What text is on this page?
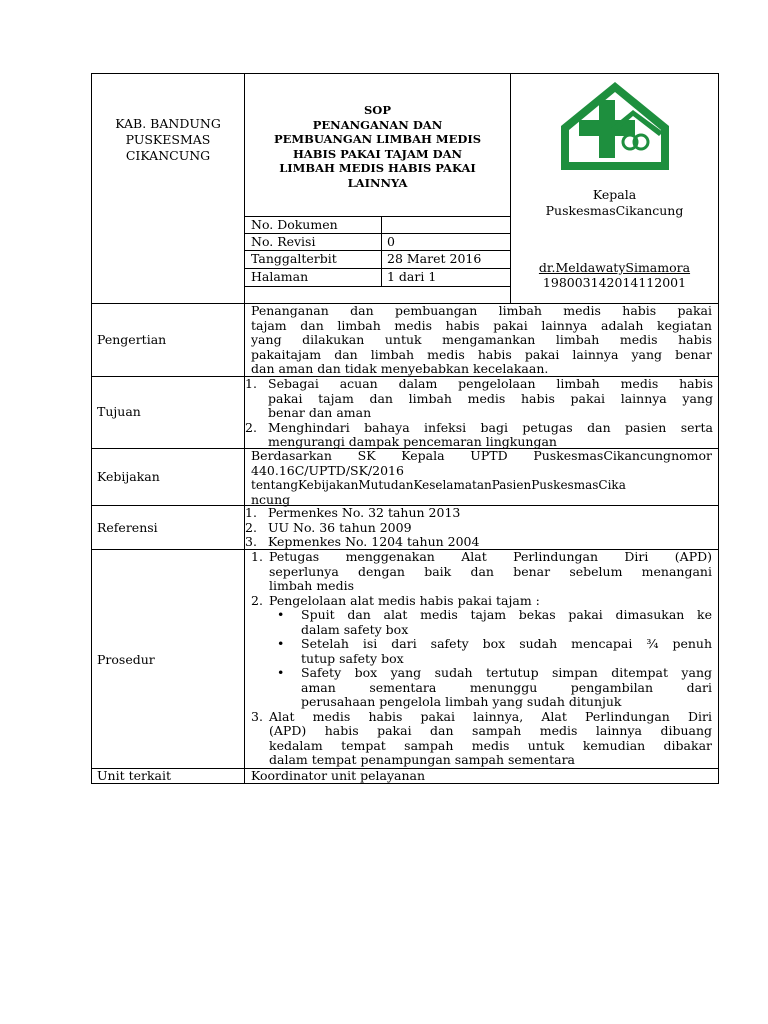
KAB. BANDUNG
PUSKESMAS
CIKANCUNG
SOP
PENANGANAN DAN
PEMBUANGAN LIMBAH MEDIS
HABIS PAKAI TAJAM DAN
LIMBAH MEDIS HABIS PAKAI
LAINNYA
No. Dokumen
No. Revisi
Tanggalterbit
Halaman
0
28 Maret 2016
1 dari 1
Kepala
PuskesmasCikancung
dr.MeldawatySimamora
198003142014112001
Pengertian
Tujuan
Kebijakan
Referensi
Prosedur
Unit terkait
Penanganan dan pembuangan limbah medis habis pakai
tajam dan limbah medis habis pakai lainnya adalah kegiatan
yang dilakukan untuk mengamankan limbah medis habis
pakaitajam dan limbah medis habis pakai lainnya yang benar
dan aman dan tidak menyebabkan kecelakaan.
1. Sebagai acuan dalam pengelolaan limbah medis habis
pakai tajam dan limbah medis habis pakai lainnya yang
benar dan aman
2. Menghindari bahaya infeksi bagi petugas dan pasien serta
mengurangi dampak pencemaran lingkungan
Berdasarkan SK Kepala UPTD PuskesmasCikancungnomor
440.16C/UPTD/SK/2016
tentangKebijakanMutudanKeselamatanPasienPuskesmasCika
ncung
1. Permenkes No. 32 tahun 2013
2. UU No. 36 tahun 2009
3. Kepmenkes No. 1204 tahun 2004
1. Petugas menggenakan Alat Perlindungan Diri (APD)
seperlunya dengan baik dan benar sebelum menangani
limbah medis
2. Pengelolaan alat medis habis pakai tajam :
• Spuit dan alat medis tajam bekas pakai dimasukan ke
dalam safety box
• Setelah isi dari safety box sudah mencapai ¾ penuh
tutup safety box
• Safety box yang sudah tertutup simpan ditempat yang
aman sementara menunggu pengambilan dari
perusahaan pengelola limbah yang sudah ditunjuk
3. Alat medis habis pakai lainnya, Alat Perlindungan Diri
(APD) habis pakai dan sampah medis lainnya dibuang
kedalam tempat sampah medis untuk kemudian dibakar
dalam tempat penampungan sampah sementara
Koordinator unit pelayanan
